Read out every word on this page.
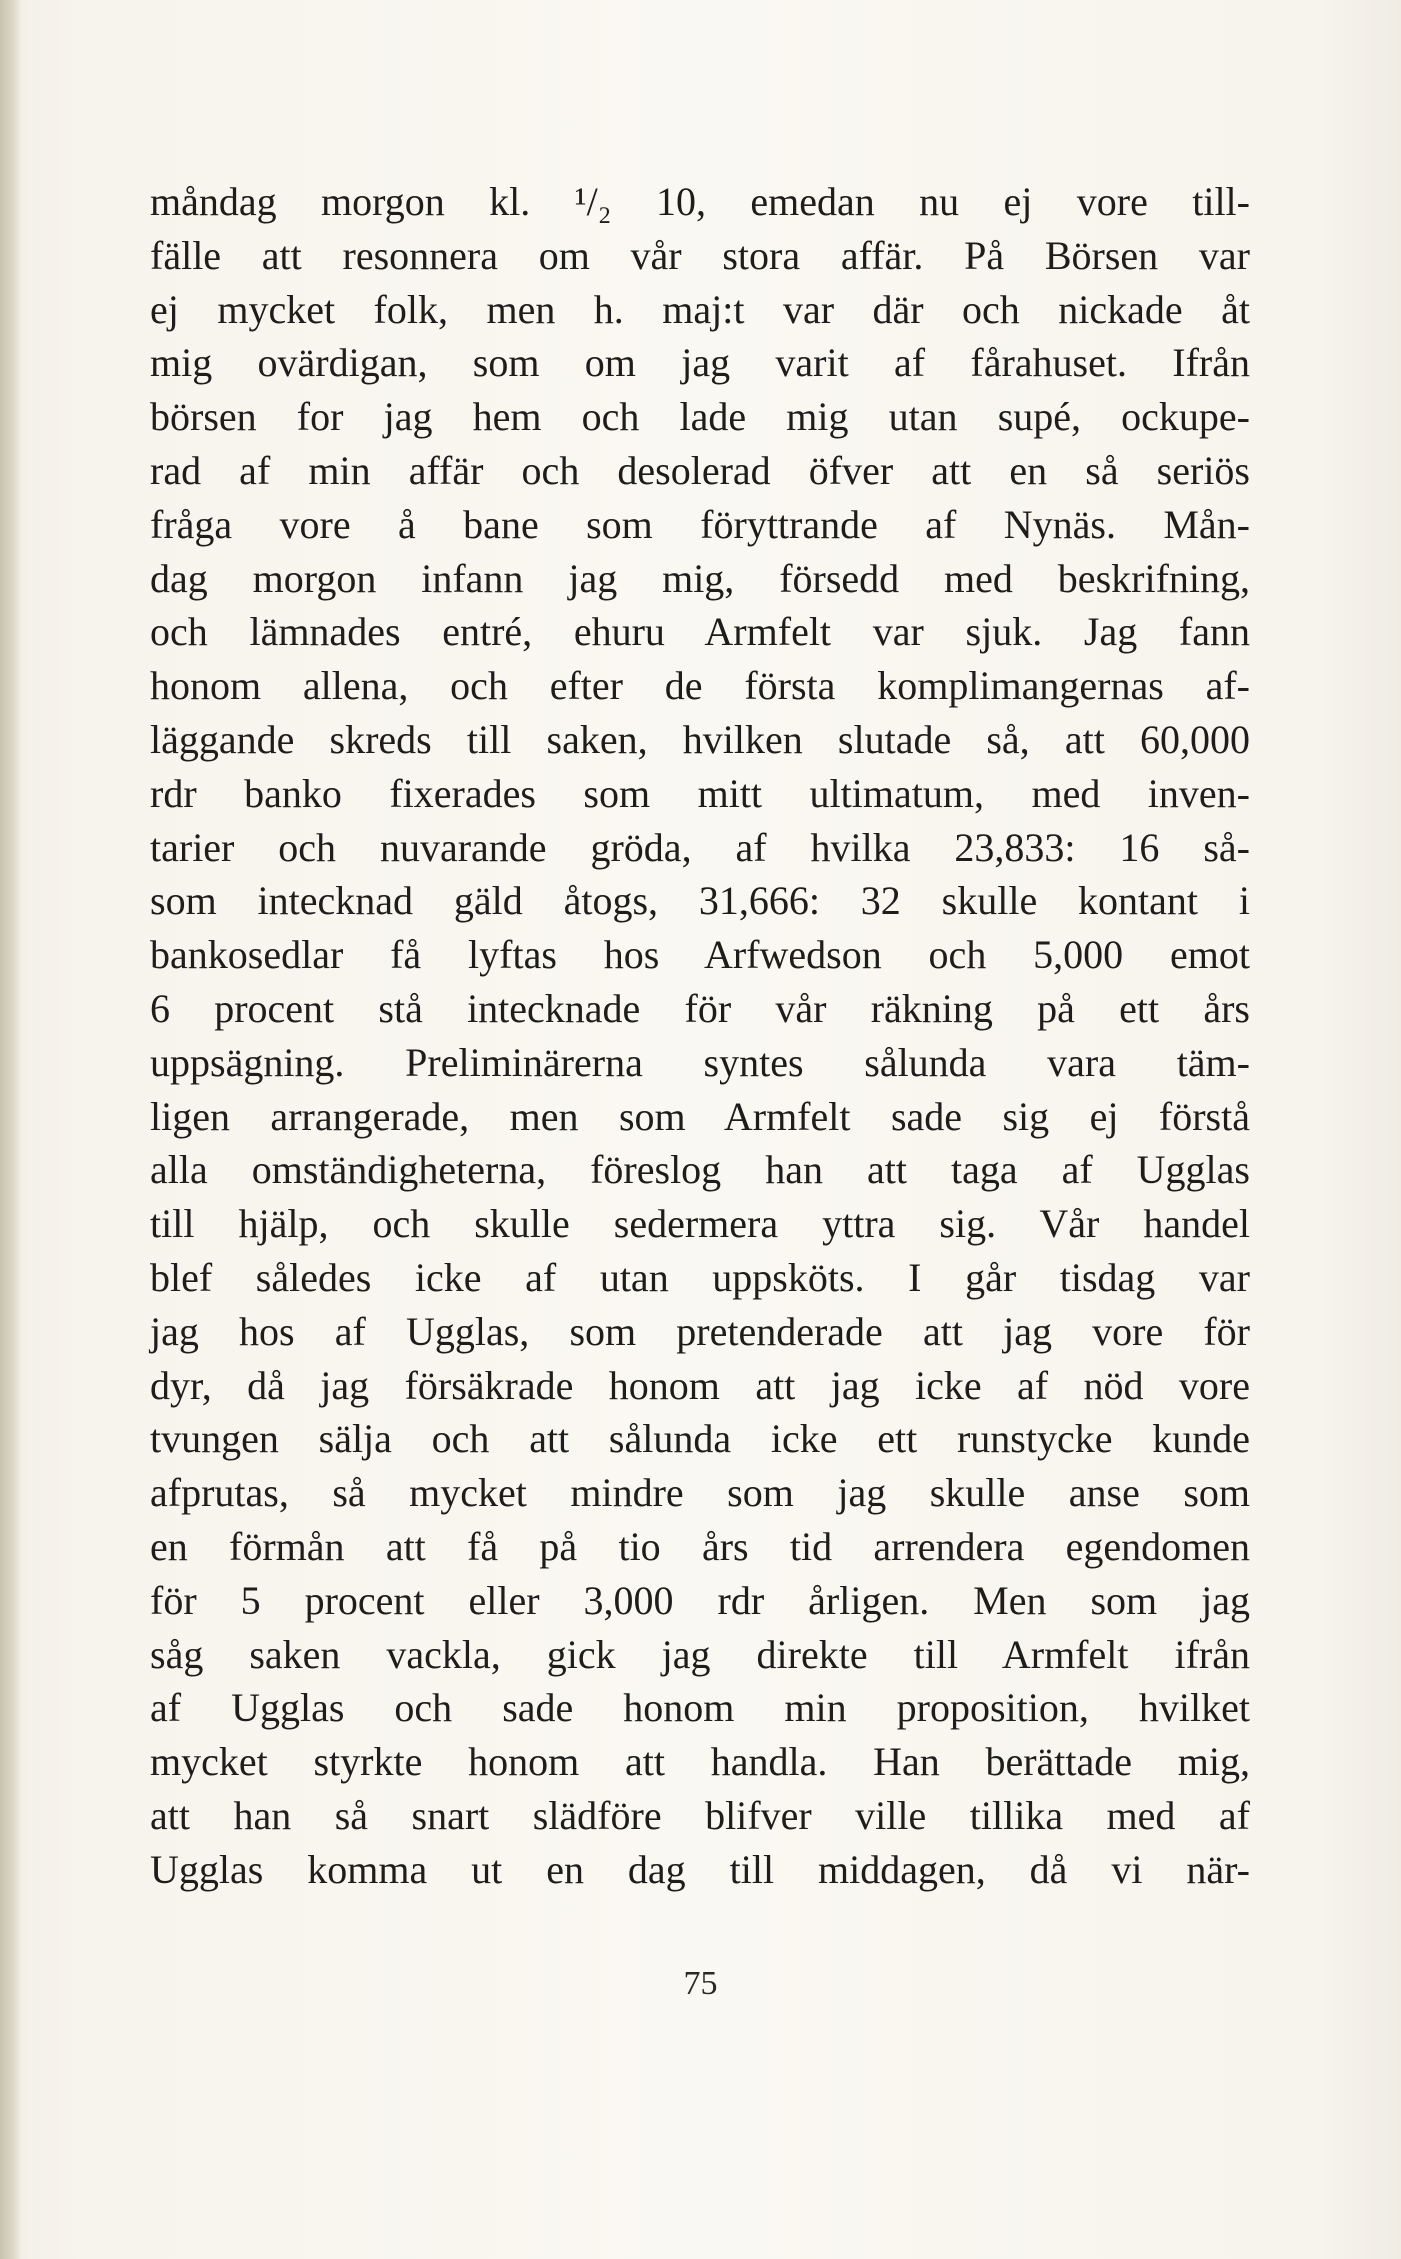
måndag morgon kl. ¹/₂ 10, emedan nu ej vore till-
fälle att resonnera om vår stora affär. På Börsen var
ej mycket folk, men h. maj:t var där och nickade åt
mig ovärdigan, som om jag varit af fårahuset. Ifrån
börsen for jag hem och lade mig utan supé, ockupe-
rad af min affär och desolerad öfver att en så seriös
fråga vore å bane som föryttrande af Nynäs. Mån-
dag morgon infann jag mig, försedd med beskrifning,
och lämnades entré, ehuru Armfelt var sjuk. Jag fann
honom allena, och efter de första komplimangernas af-
läggande skreds till saken, hvilken slutade så, att 60,000
rdr banko fixerades som mitt ultimatum, med inven-
tarier och nuvarande gröda, af hvilka 23,833: 16 så-
som intecknad gäld åtogs, 31,666: 32 skulle kontant i
bankosedlar få lyftas hos Arfwedson och 5,000 emot
6 procent stå intecknade för vår räkning på ett års
uppsägning. Preliminärerna syntes sålunda vara täm-
ligen arrangerade, men som Armfelt sade sig ej förstå
alla omständigheterna, föreslog han att taga af Ugglas
till hjälp, och skulle sedermera yttra sig. Vår handel
blef således icke af utan uppsköts. I går tisdag var
jag hos af Ugglas, som pretenderade att jag vore för
dyr, då jag försäkrade honom att jag icke af nöd vore
tvungen sälja och att sålunda icke ett runstycke kunde
afprutas, så mycket mindre som jag skulle anse som
en förmån att få på tio års tid arrendera egendomen
för 5 procent eller 3,000 rdr årligen. Men som jag
såg saken vackla, gick jag direkte till Armfelt ifrån
af Ugglas och sade honom min proposition, hvilket
mycket styrkte honom att handla. Han berättade mig,
att han så snart slädföre blifver ville tillika med af
Ugglas komma ut en dag till middagen, då vi när-
75
